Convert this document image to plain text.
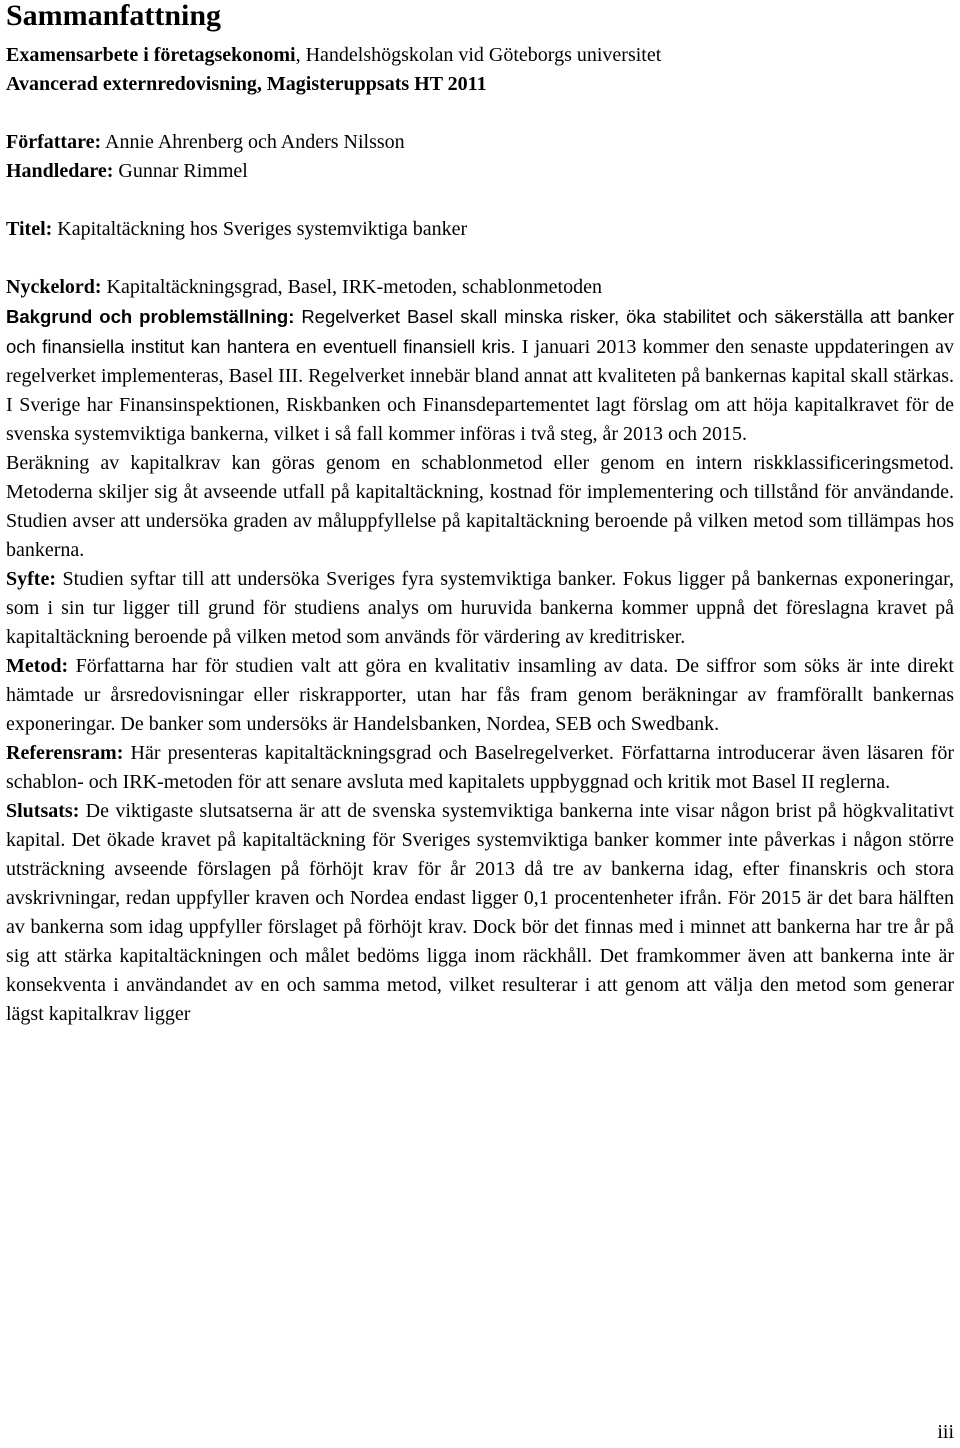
Sammanfattning
Examensarbete i företagsekonomi, Handelshögskolan vid Göteborgs universitet
Avancerad externredovisning, Magisteruppsats HT 2011
Författare: Annie Ahrenberg och Anders Nilsson
Handledare: Gunnar Rimmel
Titel: Kapitaltäckning hos Sveriges systemviktiga banker
Nyckelord: Kapitaltäckningsgrad, Basel, IRK-metoden, schablonmetoden

Bakgrund och problemställning: Regelverket Basel skall minska risker, öka stabilitet och säkerställa att banker och finansiella institut kan hantera en eventuell finansiell kris. I januari 2013 kommer den senaste uppdateringen av regelverket implementeras, Basel III. Regelverket innebär bland annat att kvaliteten på bankernas kapital skall stärkas. I Sverige har Finansinspektionen, Riskbanken och Finansdepartementet lagt förslag om att höja kapitalkravet för de svenska systemviktiga bankerna, vilket i så fall kommer införas i två steg, år 2013 och 2015.

Beräkning av kapitalkrav kan göras genom en schablonmetod eller genom en intern riskklassificeringsmetod. Metoderna skiljer sig åt avseende utfall på kapitaltäckning, kostnad för implementering och tillstånd för användande. Studien avser att undersöka graden av måluppfyllelse på kapitaltäckning beroende på vilken metod som tillämpas hos bankerna.

Syfte: Studien syftar till att undersöka Sveriges fyra systemviktiga banker. Fokus ligger på bankernas exponeringar, som i sin tur ligger till grund för studiens analys om huruvida bankerna kommer uppnå det föreslagna kravet på kapitaltäckning beroende på vilken metod som används för värdering av kreditrisker.

Metod: Författarna har för studien valt att göra en kvalitativ insamling av data. De siffror som söks är inte direkt hämtade ur årsredovisningar eller riskrapporter, utan har fås fram genom beräkningar av framförallt bankernas exponeringar. De banker som undersöks är Handelsbanken, Nordea, SEB och Swedbank.

Referensram: Här presenteras kapitaltäckningsgrad och Baselregelverket. Författarna introducerar även läsaren för schablon- och IRK-metoden för att senare avsluta med kapitalets uppbyggnad och kritik mot Basel II reglerna.

Slutsats: De viktigaste slutsatserna är att de svenska systemviktiga bankerna inte visar någon brist på högkvalitativt kapital. Det ökade kravet på kapitaltäckning för Sveriges systemviktiga banker kommer inte påverkas i någon större utsträckning avseende förslagen på förhöjt krav för år 2013 då tre av bankerna idag, efter finanskris och stora avskrivningar, redan uppfyller kraven och Nordea endast ligger 0,1 procentenheter ifrån. För 2015 är det bara hälften av bankerna som idag uppfyller förslaget på förhöjt krav. Dock bör det finnas med i minnet att bankerna har tre år på sig att stärka kapitaltäckningen och målet bedöms ligga inom räckhåll. Det framkommer även att bankerna inte är konsekventa i användandet av en och samma metod, vilket resulterar i att genom att välja den metod som generar lägst kapitalkrav ligger

iii
